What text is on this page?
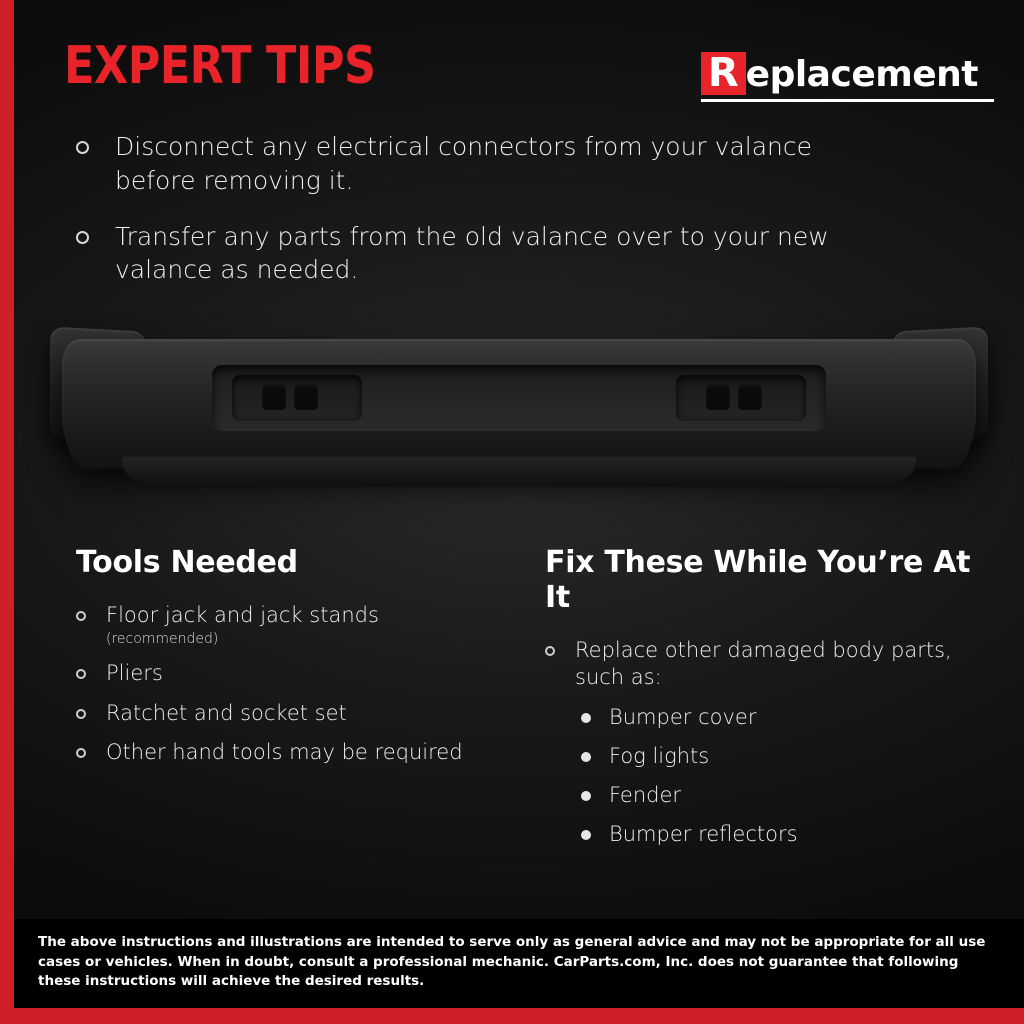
EXPERT TIPS	R eplacement
Disconnect any electrical connectors from your valance before removing it.
Transfer any parts from the old valance over to your new valance as needed.
Tools Needed
Floor jack and jack stands
(recommended)
Pliers
Ratchet and socket set
Other hand tools may be required
Fix These While You’re At It
Replace other damaged body parts, such as:
Bumper cover
Fog lights
Fender
Bumper reflectors

The above instructions and illustrations are intended to serve only as general advice and may not be appropriate for all use cases or vehicles. When in doubt, consult a professional mechanic. CarParts.com, Inc. does not guarantee that following these instructions will achieve the desired results.
